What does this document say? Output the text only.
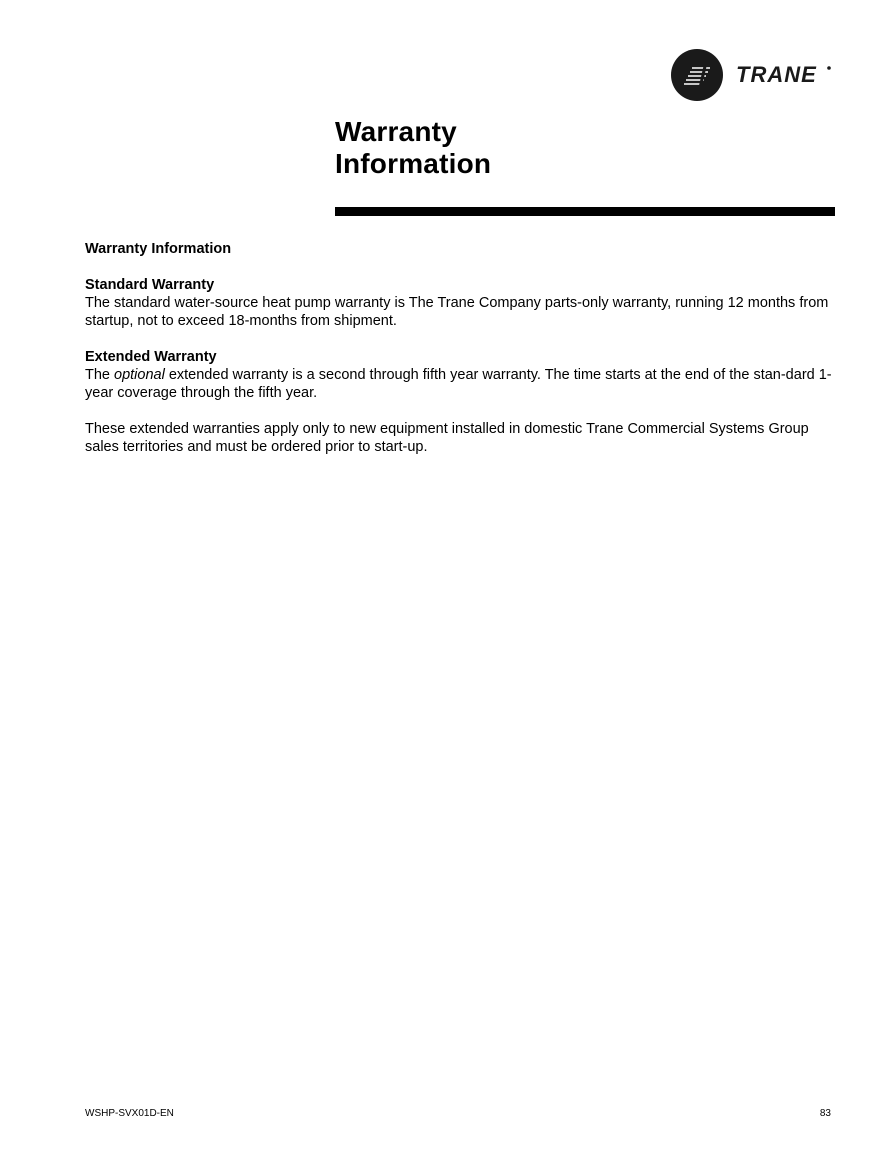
TRANE
Warranty
Information

Warranty Information

Standard Warranty

The standard water-source heat pump warranty is The Trane Company parts-only warranty, running 12 months from startup, not to exceed 18-months from shipment.

Extended Warranty

The optional extended warranty is a second through fifth year warranty. The time starts at the end of the stan-dard 1-year coverage through the fifth year.

These extended warranties apply only to new equipment installed in domestic Trane Commercial Systems Group sales territories and must be ordered prior to start-up.

WSHP-SVX01D-EN	83
